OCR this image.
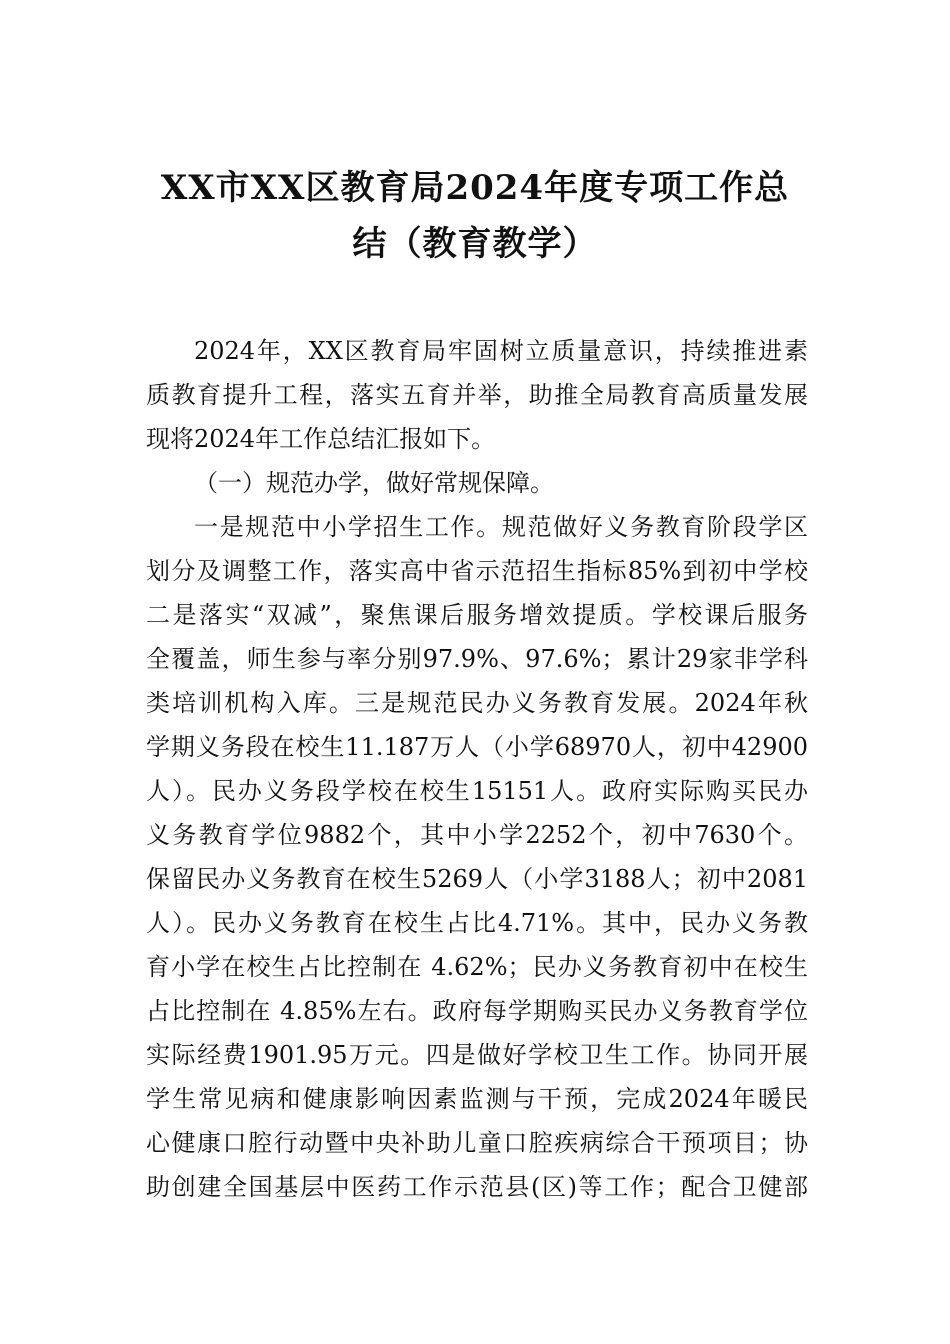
XX市XX区教育局2024年度专项工作总
结（教育教学）
2024年，XX区教育局牢固树立质量意识，持续推进素
质教育提升工程，落实五育并举，助推全局教育高质量发展
现将2024年工作总结汇报如下。
（一）规范办学，做好常规保障。
一是规范中小学招生工作。规范做好义务教育阶段学区
划分及调整工作，落实高中省示范招生指标85%到初中学校
二是落实“双减”，聚焦课后服务增效提质。学校课后服务
全覆盖，师生参与率分别97.9%、97.6%；累计29家非学科
类培训机构入库。三是规范民办义务教育发展。2024年秋
学期义务段在校生11.187万人（小学68970人，初中42900
人）。民办义务段学校在校生15151人。政府实际购买民办
义务教育学位9882个，其中小学2252个，初中7630个。
保留民办义务教育在校生5269人（小学3188人；初中2081
人）。民办义务教育在校生占比4.71%。其中，民办义务教
育小学在校生占比控制在 4.62%；民办义务教育初中在校生
占比控制在 4.85%左右。政府每学期购买民办义务教育学位
实际经费1901.95万元。四是做好学校卫生工作。协同开展
学生常见病和健康影响因素监测与干预，完成2024年暖民
心健康口腔行动暨中央补助儿童口腔疾病综合干预项目；协
助创建全国基层中医药工作示范县(区)等工作；配合卫健部
